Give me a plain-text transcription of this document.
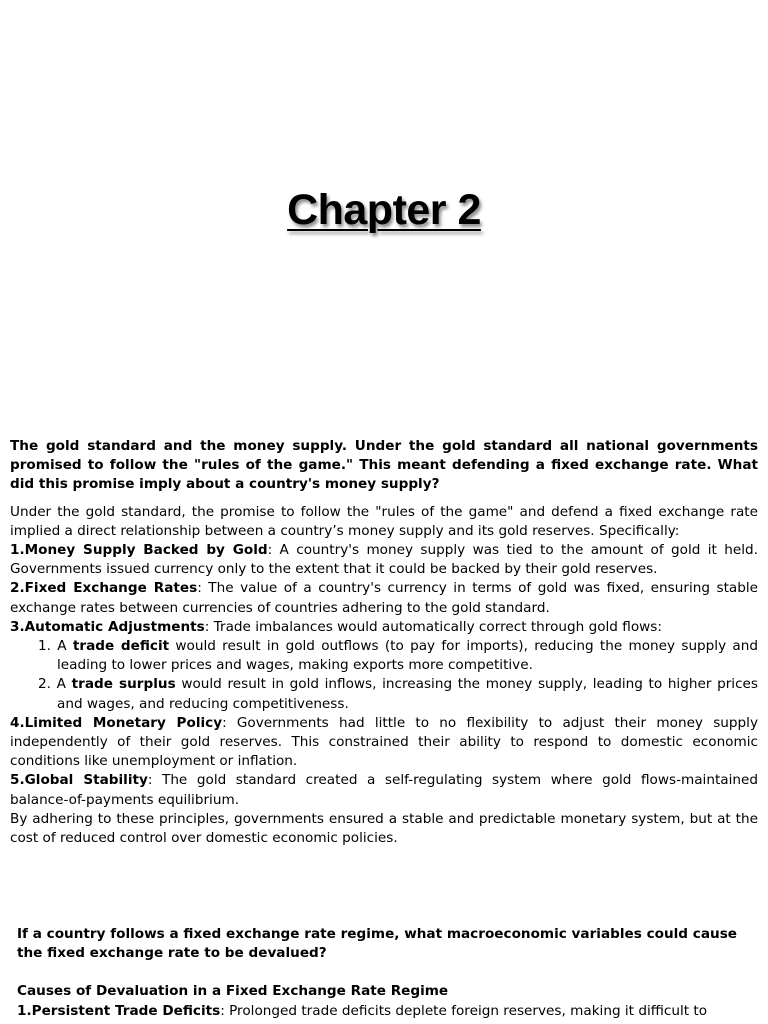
Chapter 2

The gold standard and the money supply. Under the gold standard all national governments promised to follow the "rules of the game." This meant defending a fixed exchange rate. What did this promise imply about a country's money supply?

Under the gold standard, the promise to follow the "rules of the game" and defend a fixed exchange rate implied a direct relationship between a country’s money supply and its gold reserves. Specifically:

1.Money Supply Backed by Gold: A country's money supply was tied to the amount of gold it held. Governments issued currency only to the extent that it could be backed by their gold reserves.

2.Fixed Exchange Rates: The value of a country's currency in terms of gold was fixed, ensuring stable exchange rates between currencies of countries adhering to the gold standard.

3.Automatic Adjustments: Trade imbalances would automatically correct through gold flows:

1. A trade deficit would result in gold outflows (to pay for imports), reducing the money supply and leading to lower prices and wages, making exports more competitive.

2. A trade surplus would result in gold inflows, increasing the money supply, leading to higher prices and wages, and reducing competitiveness.

4.Limited Monetary Policy: Governments had little to no flexibility to adjust their money supply independently of their gold reserves. This constrained their ability to respond to domestic economic conditions like unemployment or inflation.

5.Global Stability: The gold standard created a self-regulating system where gold flows-maintained balance-of-payments equilibrium.

By adhering to these principles, governments ensured a stable and predictable monetary system, but at the cost of reduced control over domestic economic policies.

If a country follows a fixed exchange rate regime, what macroeconomic variables could cause the fixed exchange rate to be devalued?

Causes of Devaluation in a Fixed Exchange Rate Regime

1.Persistent Trade Deficits: Prolonged trade deficits deplete foreign reserves, making it difficult to
